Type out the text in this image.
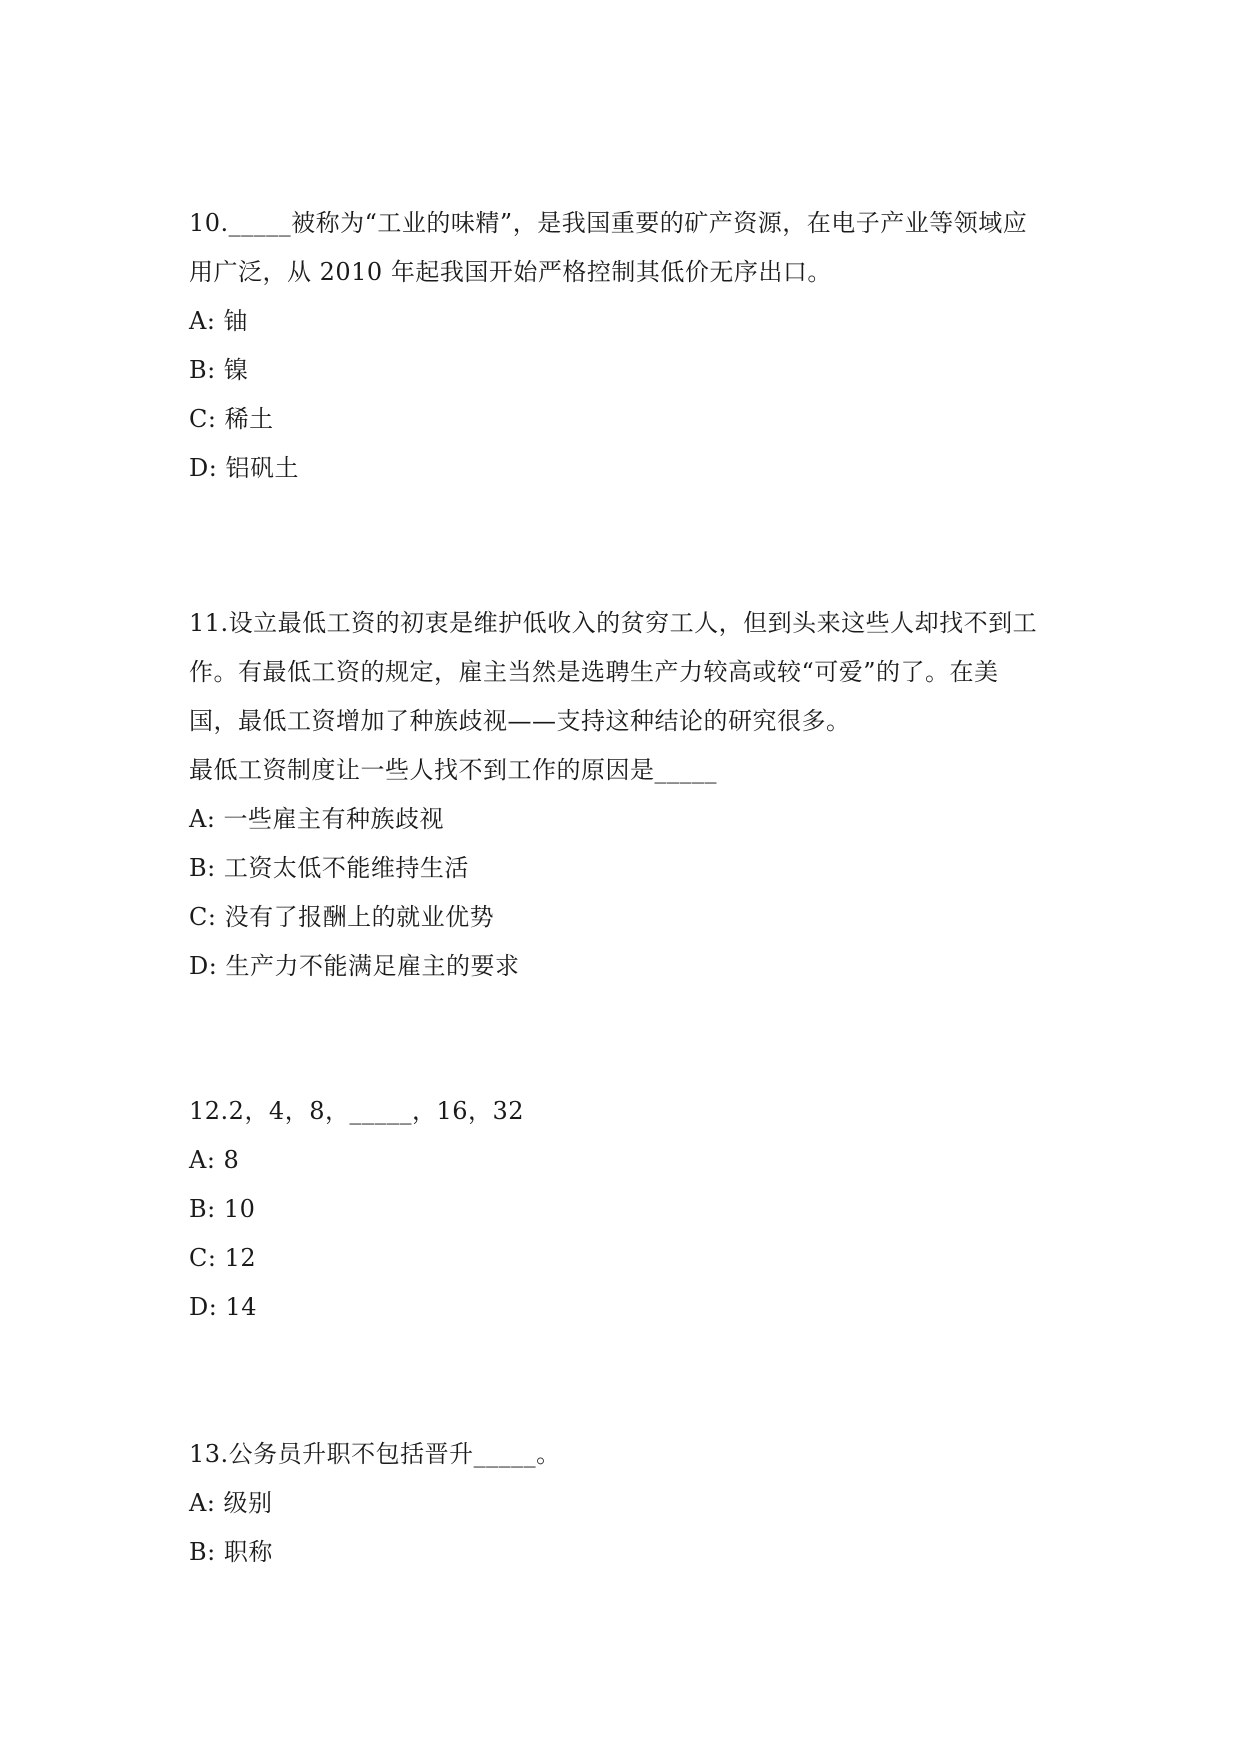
10._____被称为“工业的味精”，是我国重要的矿产资源，在电子产业等领域应
用广泛，从 2010 年起我国开始严格控制其低价无序出口。
A: 铀
B: 镍
C: 稀土
D: 铝矾土
11.设立最低工资的初衷是维护低收入的贫穷工人，但到头来这些人却找不到工
作。有最低工资的规定，雇主当然是选聘生产力较高或较“可爱”的了。在美
国，最低工资增加了种族歧视——支持这种结论的研究很多。
最低工资制度让一些人找不到工作的原因是_____
A: 一些雇主有种族歧视
B: 工资太低不能维持生活
C: 没有了报酬上的就业优势
D: 生产力不能满足雇主的要求
12.2，4，8，_____，16，32
A: 8
B: 10
C: 12
D: 14
13.公务员升职不包括晋升_____。
A: 级别
B: 职称
